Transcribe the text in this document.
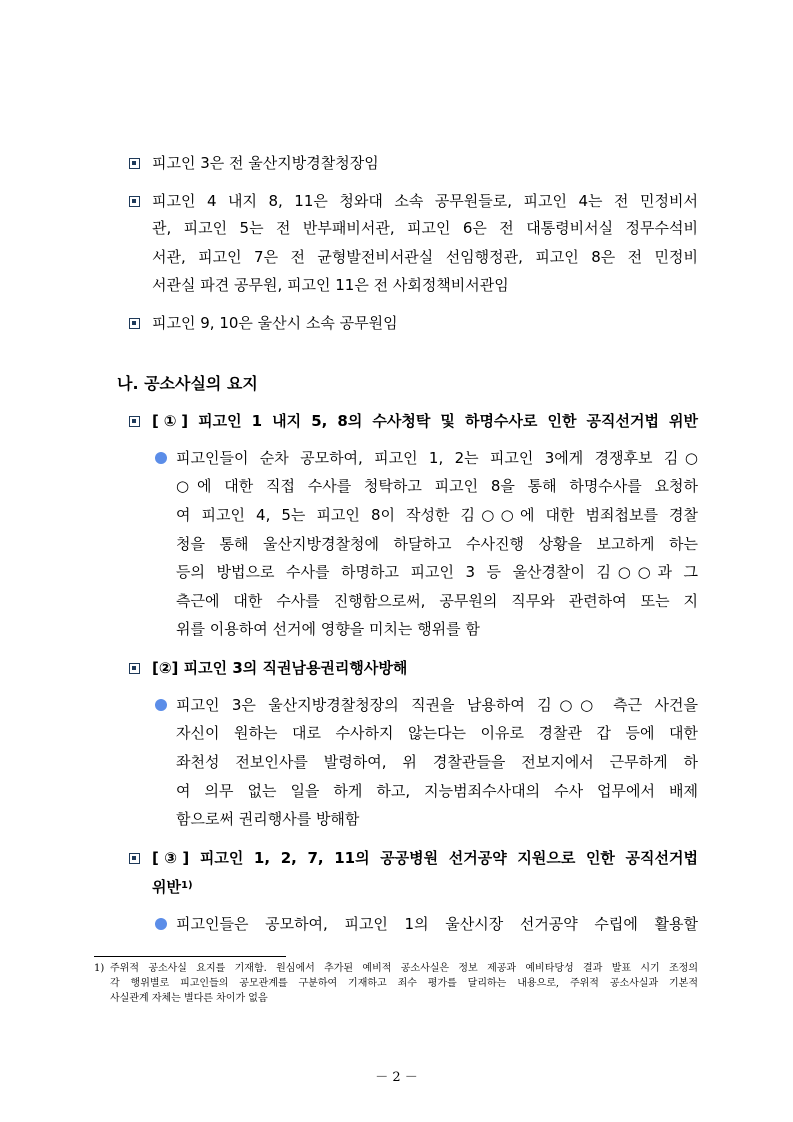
피고인 3은 전 울산지방경찰청장임
피고인 4 내지 8, 11은 청와대 소속 공무원들로, 피고인 4는 전 민정비서
관, 피고인 5는 전 반부패비서관, 피고인 6은 전 대통령비서실 정무수석비
서관, 피고인 7은 전 균형발전비서관실 선임행정관, 피고인 8은 전 민정비
서관실 파견 공무원, 피고인 11은 전 사회정책비서관임
피고인 9, 10은 울산시 소속 공무원임
나. 공소사실의 요지
[①] 피고인 1 내지 5, 8의 수사청탁 및 하명수사로 인한 공직선거법 위반
피고인들이 순차 공모하여, 피고인 1, 2는 피고인 3에게 경쟁후보 김○
○에 대한 직접 수사를 청탁하고 피고인 8을 통해 하명수사를 요청하
여 피고인 4, 5는 피고인 8이 작성한 김○○에 대한 범죄첩보를 경찰
청을 통해 울산지방경찰청에 하달하고 수사진행 상황을 보고하게 하는
등의 방법으로 수사를 하명하고 피고인 3 등 울산경찰이 김○○과 그
측근에 대한 수사를 진행함으로써, 공무원의 직무와 관련하여 또는 지
위를 이용하여 선거에 영향을 미치는 행위를 함
[②] 피고인 3의 직권남용권리행사방해
피고인 3은 울산지방경찰청장의 직권을 남용하여 김○○ 측근 사건을
자신이 원하는 대로 수사하지 않는다는 이유로 경찰관 갑 등에 대한
좌천성 전보인사를 발령하여, 위 경찰관들을 전보지에서 근무하게 하
여 의무 없는 일을 하게 하고, 지능범죄수사대의 수사 업무에서 배제
함으로써 권리행사를 방해함
[③] 피고인 1, 2, 7, 11의 공공병원 선거공약 지원으로 인한 공직선거법
위반$^{1)}$
피고인들은 공모하여, 피고인 1의 울산시장 선거공약 수립에 활용할
1) 주위적 공소사실 요지를 기재함. 원심에서 추가된 예비적 공소사실은 정보 제공과 예비타당성 결과 발표 시기 조정의
각 행위별로 피고인들의 공모관계를 구분하여 기재하고 죄수 평가를 달리하는 내용으로, 주위적 공소사실과 기본적
사실관계 자체는 별다른 차이가 없음
－ 2 －
